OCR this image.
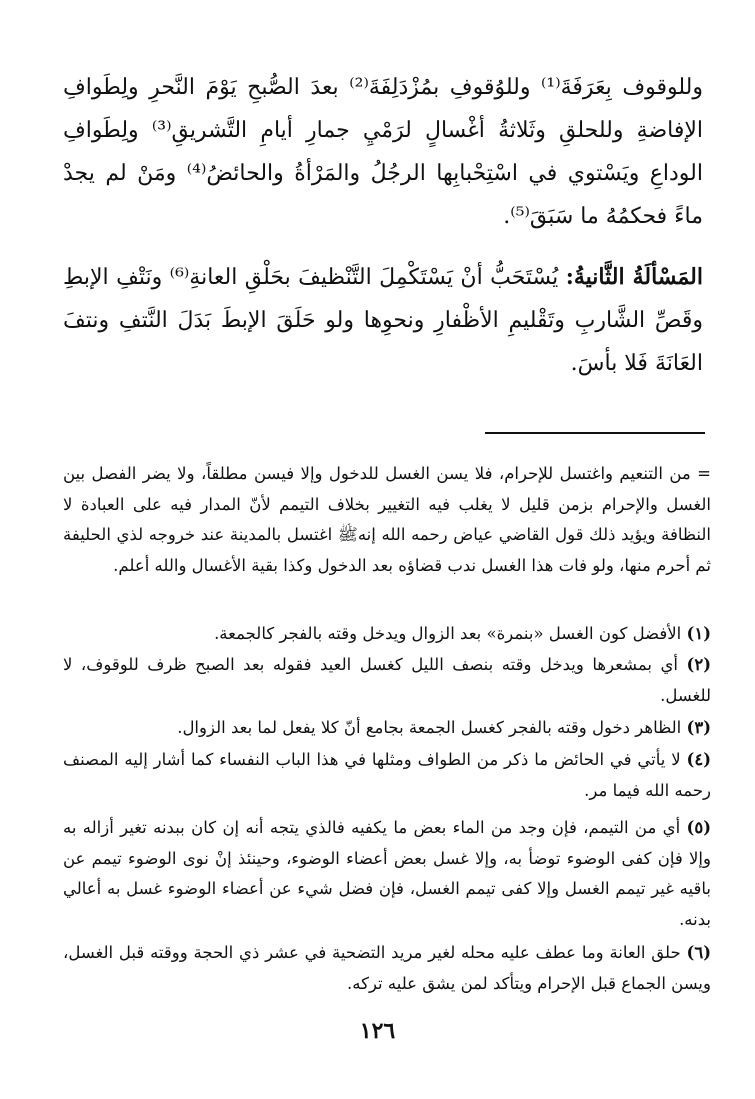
وللوقوف بِعَرَفَةَ⁽¹⁾ وللوُقوفِ بمُزْدَلِفَةَ⁽²⁾ بعدَ الصُّبحِ يَوْمَ النَّحرِ ولِطَوافِ الإفاضةِ وللحلقِ وثَلاثةُ أغْسالٍ لرَمْيِ جمارِ أيامِ التَّشريقِ⁽³⁾ ولِطَوافِ الوداعِ ويَسْتوي في اسْتِحْبابِها الرجُلُ والمَرْأةُ والحائضُ⁽⁴⁾ ومَنْ لم يجدْ ماءً فحكمُهُ ما سَبَقَ⁽⁵⁾.

المَسْألَةُ الثَّانيةُ: يُسْتَحَبُّ أنْ يَسْتَكْمِلَ التَّنْظيفَ بحَلْقِ العانةِ⁽⁶⁾ ونَتْفِ الإبطِ وقَصِّ الشَّاربِ وتَقْليمِ الأظْفارِ ونحوِها ولو حَلَقَ الإبطَ بَدَلَ النَّتفِ ونتفَ العَانَةَ فَلا بأسَ.

= من التنعيم واغتسل للإحرام، فلا يسن الغسل للدخول وإلا فيسن مطلقاً، ولا يضر الفصل بين الغسل والإحرام بزمن قليل لا يغلب فيه التغيير بخلاف التيمم لأنّ المدار فيه على العبادة لا النظافة ويؤيد ذلك قول القاضي عياض رحمه الله إنهﷺ اغتسل بالمدينة عند خروجه لذي الحليفة ثم أحرم منها، ولو فات هذا الغسل ندب قضاؤه بعد الدخول وكذا بقية الأغسال والله أعلم.

(١) الأفضل كون الغسل «بنمرة» بعد الزوال ويدخل وقته بالفجر كالجمعة.

(٢) أي بمشعرها ويدخل وقته بنصف الليل كغسل العيد فقوله بعد الصبح ظرف للوقوف، لا للغسل.

(٣) الظاهر دخول وقته بالفجر كغسل الجمعة بجامع أنّ كلا يفعل لما بعد الزوال.

(٤) لا يأتي في الحائض ما ذكر من الطواف ومثلها في هذا الباب النفساء كما أشار إليه المصنف رحمه الله فيما مر.

(٥) أي من التيمم، فإن وجد من الماء بعض ما يكفيه فالذي يتجه أنه إن كان ببدنه تغير أزاله به وإلا فإن كفى الوضوء توضأ به، وإلا غسل بعض أعضاء الوضوء، وحينئذ إنْ نوى الوضوء تيمم عن باقيه غير تيمم الغسل وإلا كفى تيمم الغسل، فإن فضل شيء عن أعضاء الوضوء غسل به أعالي بدنه.

(٦) حلق العانة وما عطف عليه محله لغير مريد التضحية في عشر ذي الحجة ووقته قبل الغسل، ويسن الجماع قبل الإحرام ويتأكد لمن يشق عليه تركه.

١٢٦
